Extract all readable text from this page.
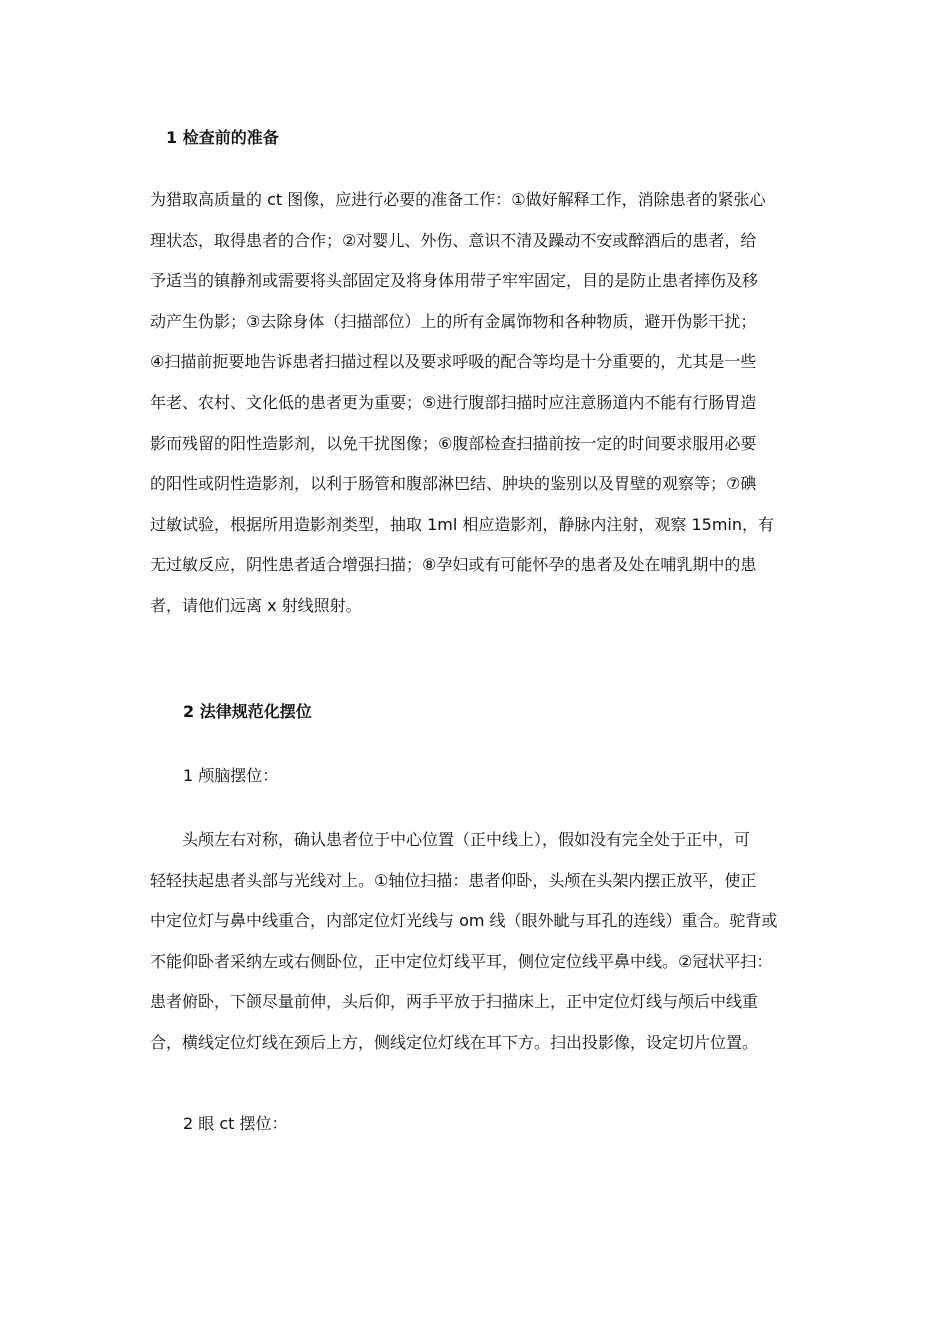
1 检查前的准备
为猎取高质量的 ct 图像，应进行必要的准备工作：①做好解释工作，消除患者的紧张心
理状态，取得患者的合作；②对婴儿、外伤、意识不清及躁动不安或醉酒后的患者，给
予适当的镇静剂或需要将头部固定及将身体用带子牢牢固定，目的是防止患者摔伤及移
动产生伪影；③去除身体（扫描部位）上的所有金属饰物和各种物质，避开伪影干扰；
④扫描前扼要地告诉患者扫描过程以及要求呼吸的配合等均是十分重要的，尤其是一些
年老、农村、文化低的患者更为重要；⑤进行腹部扫描时应注意肠道内不能有行肠胃造
影而残留的阳性造影剂，以免干扰图像；⑥腹部检查扫描前按一定的时间要求服用必要
的阳性或阴性造影剂，以利于肠管和腹部淋巴结、肿块的鉴别以及胃壁的观察等；⑦碘
过敏试验，根据所用造影剂类型，抽取 1ml 相应造影剂，静脉内注射，观察 15min，有
无过敏反应，阴性患者适合增强扫描；⑧孕妇或有可能怀孕的患者及处在哺乳期中的患
者，请他们远离 x 射线照射。
2 法律规范化摆位
1 颅脑摆位：
头颅左右对称，确认患者位于中心位置（正中线上），假如没有完全处于正中，可
轻轻扶起患者头部与光线对上。①轴位扫描：患者仰卧，头颅在头架内摆正放平，使正
中定位灯与鼻中线重合，内部定位灯光线与 om 线（眼外眦与耳孔的连线）重合。驼背或
不能仰卧者采纳左或右侧卧位，正中定位灯线平耳，侧位定位线平鼻中线。②冠状平扫：
患者俯卧，下颌尽量前伸，头后仰，两手平放于扫描床上，正中定位灯线与颅后中线重
合，横线定位灯线在颈后上方，侧线定位灯线在耳下方。扫出投影像，设定切片位置。
2 眼 ct 摆位：
